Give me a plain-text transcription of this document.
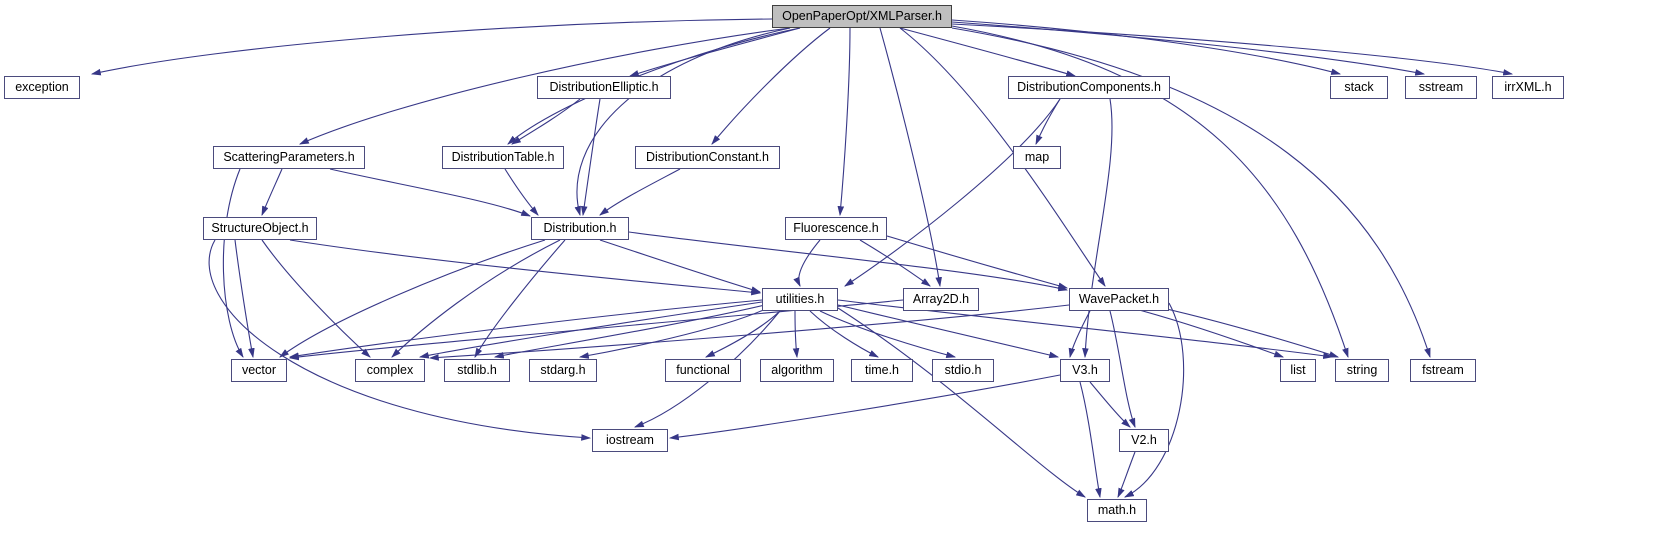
OpenPaperOpt/XMLParser.h
exception	DistributionElliptic.h	DistributionComponents.h	stack	sstream	irrXML.h
ScatteringParameters.h	DistributionTable.h	DistributionConstant.h	map
StructureObject.h	Distribution.h	Fluorescence.h
utilities.h	Array2D.h	WavePacket.h
vector	complex	stdlib.h	stdarg.h	functional	algorithm	time.h	stdio.h	V3.h	list	string	fstream
iostream	V2.h
math.h
